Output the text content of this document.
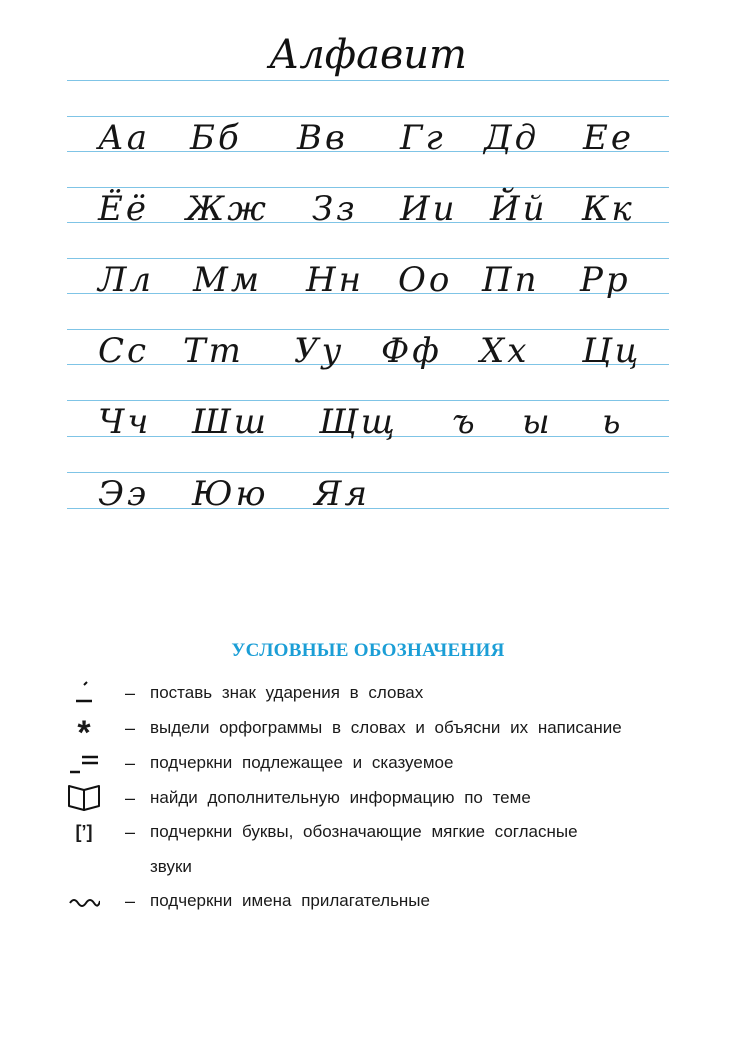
Алфавит
Аа Бб Вв Гг Дд Ее
Ёё Жж Зз Ии Йй Кк
Лл Мм Нн Оо Пп Рр
Сс Тт Уу Фф Хх Цц
Чч Шш Щщ ъ ы ь
Ээ Юю Яя
УСЛОВНЫЕ ОБОЗНАЧЕНИЯ
– поставь знак ударения в словах
*	– выдели орфограммы в словах и объясни их написание
– подчеркни подлежащее и сказуемое
– найди дополнительную информацию по теме
[’]	– подчеркни буквы, обозначающие мягкие согласные
звуки
– подчеркни имена прилагательные
